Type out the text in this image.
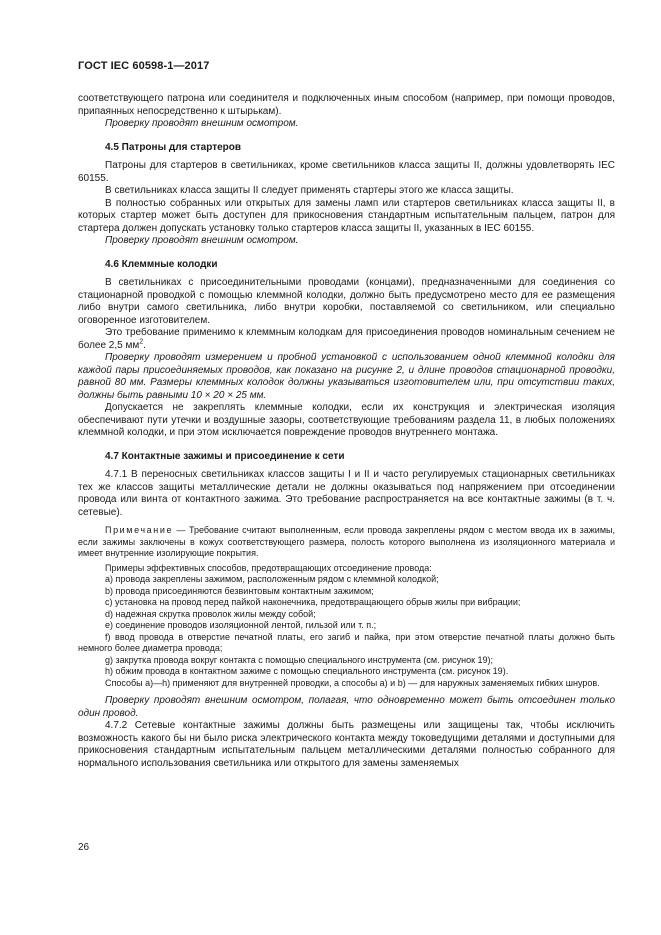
ГОСТ IEC 60598-1—2017

соответствующего патрона или соединителя и подключенных иным способом (например, при помощи проводов, припаянных непосредственно к штырькам).

Проверку проводят внешним осмотром.

4.5 Патроны для стартеров

Патроны для стартеров в светильниках, кроме светильников класса защиты II, должны удовлетворять IEC 60155.

В светильниках класса защиты II следует применять стартеры этого же класса защиты.

В полностью собранных или открытых для замены ламп или стартеров светильниках класса защиты II, в которых стартер может быть доступен для прикосновения стандартным испытательным пальцем, патрон для стартера должен допускать установку только стартеров класса защиты II, указанных в IEC 60155.

Проверку проводят внешним осмотром.

4.6 Клеммные колодки

В светильниках с присоединительными проводами (концами), предназначенными для соединения со стационарной проводкой с помощью клеммной колодки, должно быть предусмотрено место для ее размещения либо внутри самого светильника, либо внутри коробки, поставляемой со светильником, или специально оговоренное изготовителем.

Это требование применимо к клеммным колодкам для присоединения проводов номинальным сечением не более 2,5 $мм^2$.

Проверку проводят измерением и пробной установкой с использованием одной клеммной колодки для каждой пары присоединяемых проводов, как показано на рисунке 2, и длине проводов стационарной проводки, равной 80 мм. Размеры клеммных колодок должны указываться изготовителем или, при отсутствии таких, должны быть равными 10 × 20 × 25 мм.

Допускается не закреплять клеммные колодки, если их конструкция и электрическая изоляция обеспечивают пути утечки и воздушные зазоры, соответствующие требованиям раздела 11, в любых положениях клеммной колодки, и при этом исключается повреждение проводов внутреннего монтажа.

4.7 Контактные зажимы и присоединение к сети

4.7.1 В переносных светильниках классов защиты I и II и часто регулируемых стационарных светильниках тех же классов защиты металлические детали не должны оказываться под напряжением при отсоединении провода или винта от контактного зажима. Это требование распространяется на все контактные зажимы (в т. ч. сетевые).

Примечание — Требование считают выполненным, если провода закреплены рядом с местом ввода их в зажимы, если зажимы заключены в кожух соответствующего размера, полость которого выполнена из изоляционного материала и имеет внутренние изолирующие покрытия.

Примеры эффективных способов, предотвращающих отсоединение провода:

а) провода закреплены зажимом, расположенным рядом с клеммной колодкой;

b) провода присоединяются безвинтовым контактным зажимом;

c) установка на провод перед пайкой наконечника, предотвращающего обрыв жилы при вибрации;

d) надежная скрутка проволок жилы между собой;

e) соединение проводов изоляционной лентой, гильзой или т. п.;

f) ввод провода в отверстие печатной платы, его загиб и пайка, при этом отверстие печатной платы должно быть немного более диаметра провода;

g) закрутка провода вокруг контакта с помощью специального инструмента (см. рисунок 19);

h) обжим провода в контактном зажиме с помощью специального инструмента (см. рисунок 19).

Способы а)—h) применяют для внутренней проводки, а способы а) и b) — для наружных заменяемых гибких шнуров.

Проверку проводят внешним осмотром, полагая, что одновременно может быть отсоединен только один провод.

4.7.2 Сетевые контактные зажимы должны быть размещены или защищены так, чтобы исключить возможность какого бы ни было риска электрического контакта между токоведущими деталями и доступными для прикосновения стандартным испытательным пальцем металлическими деталями полностью собранного для нормального использования светильника или открытого для замены заменяемых

26
